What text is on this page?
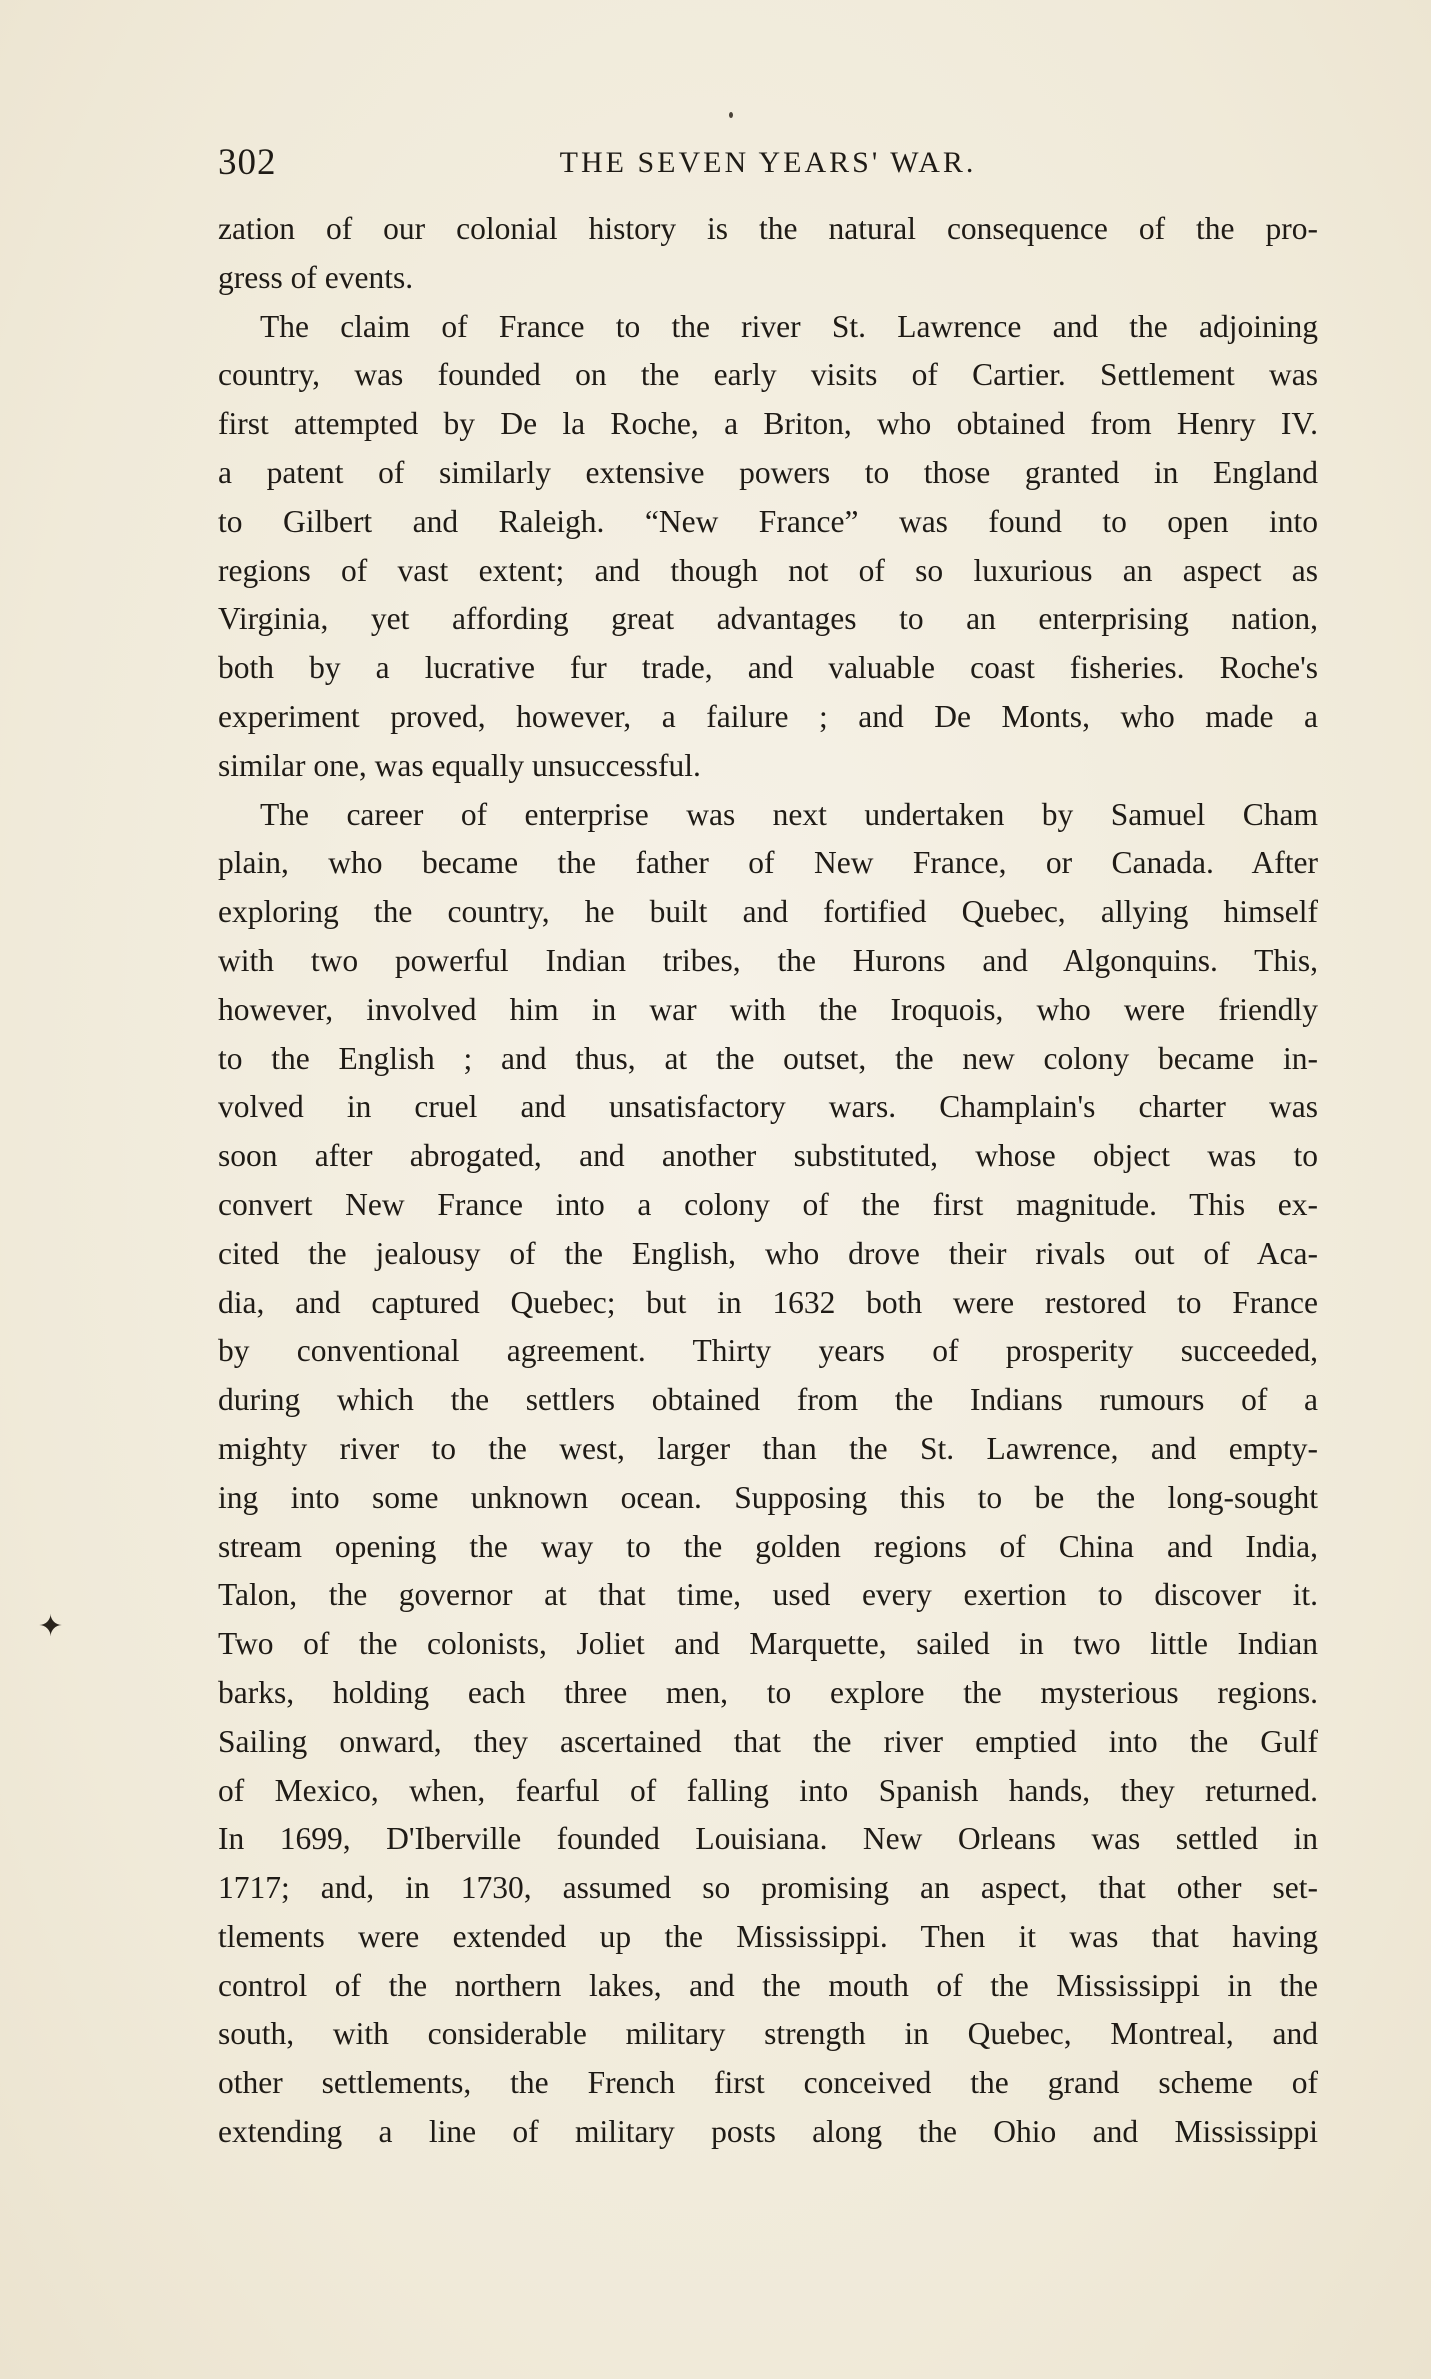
302	THE SEVEN YEARS' WAR.
✦
zation of our colonial history is the natural consequence of the pro-
gress of events.
The claim of France to the river St. Lawrence and the adjoining
country, was founded on the early visits of Cartier. Settlement was
first attempted by De la Roche, a Briton, who obtained from Henry IV.
a patent of similarly extensive powers to those granted in England
to Gilbert and Raleigh. “New France” was found to open into
regions of vast extent; and though not of so luxurious an aspect as
Virginia, yet affording great advantages to an enterprising nation,
both by a lucrative fur trade, and valuable coast fisheries. Roche's
experiment proved, however, a failure ; and De Monts, who made a
similar one, was equally unsuccessful.
The career of enterprise was next undertaken by Samuel Cham
plain, who became the father of New France, or Canada. After
exploring the country, he built and fortified Quebec, allying himself
with two powerful Indian tribes, the Hurons and Algonquins. This,
however, involved him in war with the Iroquois, who were friendly
to the English ; and thus, at the outset, the new colony became in-
volved in cruel and unsatisfactory wars. Champlain's charter was
soon after abrogated, and another substituted, whose object was to
convert New France into a colony of the first magnitude. This ex-
cited the jealousy of the English, who drove their rivals out of Aca-
dia, and captured Quebec; but in 1632 both were restored to France
by conventional agreement. Thirty years of prosperity succeeded,
during which the settlers obtained from the Indians rumours of a
mighty river to the west, larger than the St. Lawrence, and empty-
ing into some unknown ocean. Supposing this to be the long-sought
stream opening the way to the golden regions of China and India,
Talon, the governor at that time, used every exertion to discover it.
Two of the colonists, Joliet and Marquette, sailed in two little Indian
barks, holding each three men, to explore the mysterious regions.
Sailing onward, they ascertained that the river emptied into the Gulf
of Mexico, when, fearful of falling into Spanish hands, they returned.
In 1699, D'Iberville founded Louisiana. New Orleans was settled in
1717; and, in 1730, assumed so promising an aspect, that other set-
tlements were extended up the Mississippi. Then it was that having
control of the northern lakes, and the mouth of the Mississippi in the
south, with considerable military strength in Quebec, Montreal, and
other settlements, the French first conceived the grand scheme of
extending a line of military posts along the Ohio and Mississippi
